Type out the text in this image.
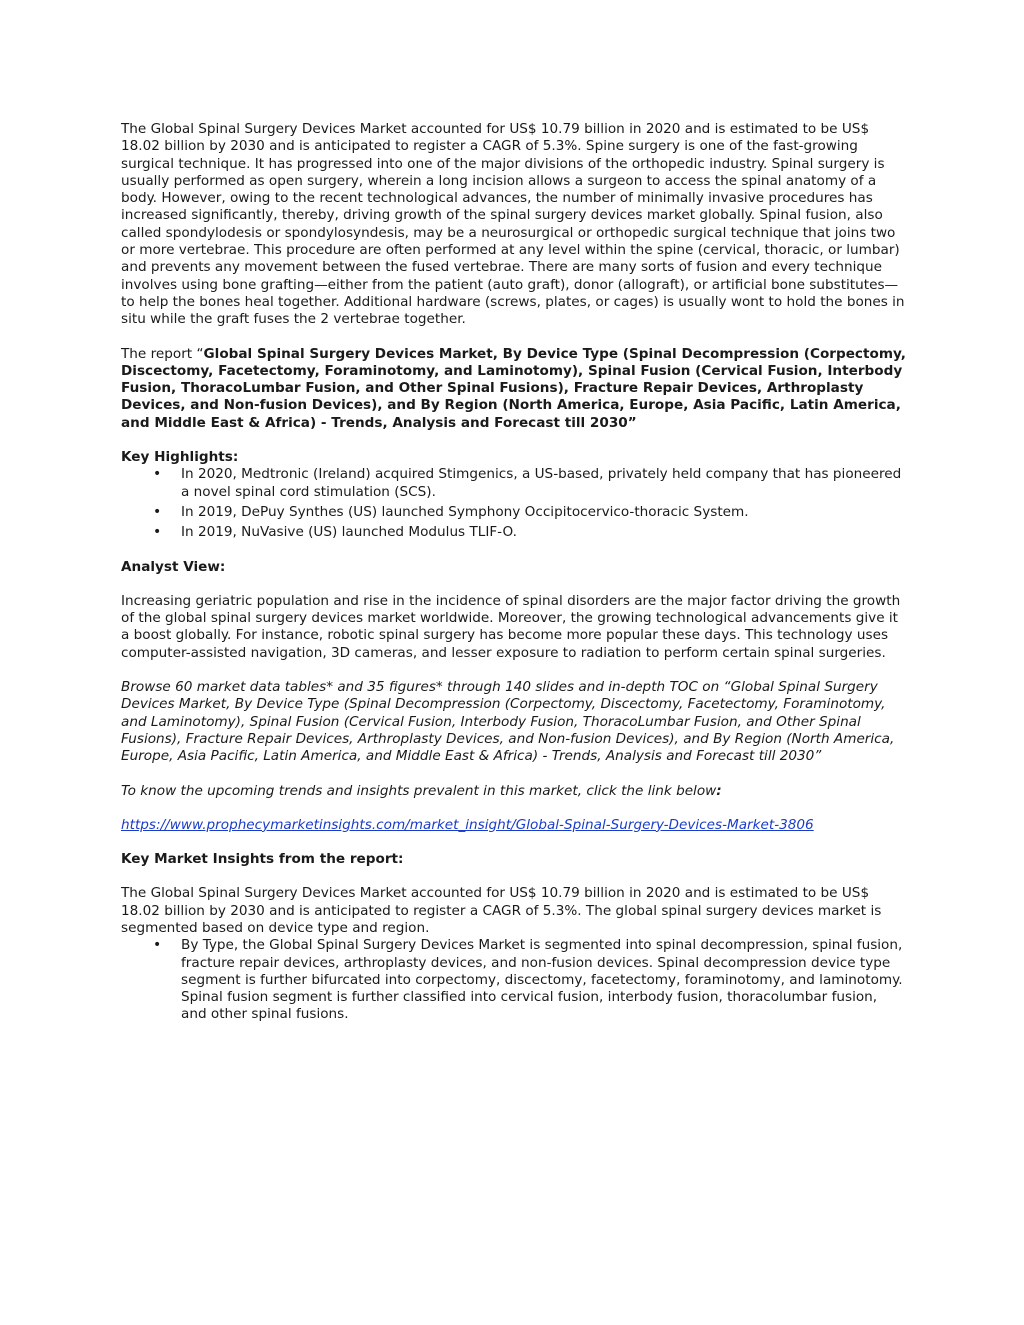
The Global Spinal Surgery Devices Market accounted for US$ 10.79 billion in 2020 and is estimated to be US$ 18.02 billion by 2030 and is anticipated to register a CAGR of 5.3%. Spine surgery is one of the fast-growing surgical technique. It has progressed into one of the major divisions of the orthopedic industry. Spinal surgery is usually performed as open surgery, wherein a long incision allows a surgeon to access the spinal anatomy of a body. However, owing to the recent technological advances, the number of minimally invasive procedures has increased significantly, thereby, driving growth of the spinal surgery devices market globally. Spinal fusion, also called spondylodesis or spondylosyndesis, may be a neurosurgical or orthopedic surgical technique that joins two or more vertebrae. This procedure are often performed at any level within the spine (cervical, thoracic, or lumbar) and prevents any movement between the fused vertebrae. There are many sorts of fusion and every technique involves using bone grafting—either from the patient (auto graft), donor (allograft), or artificial bone substitutes—to help the bones heal together. Additional hardware (screws, plates, or cages) is usually wont to hold the bones in situ while the graft fuses the 2 vertebrae together.

The report “Global Spinal Surgery Devices Market, By Device Type (Spinal Decompression (Corpectomy, Discectomy, Facetectomy, Foraminotomy, and Laminotomy), Spinal Fusion (Cervical Fusion, Interbody Fusion, ThoracoLumbar Fusion, and Other Spinal Fusions), Fracture Repair Devices, Arthroplasty Devices, and Non-fusion Devices), and By Region (North America, Europe, Asia Pacific, Latin America, and Middle East & Africa) - Trends, Analysis and Forecast till 2030”

Key Highlights:

• In 2020, Medtronic (Ireland) acquired Stimgenics, a US-based, privately held company that has pioneered a novel spinal cord stimulation (SCS).
• In 2019, DePuy Synthes (US) launched Symphony Occipitocervico-thoracic System.
• In 2019, NuVasive (US) launched Modulus TLIF-O.

Analyst View:

Increasing geriatric population and rise in the incidence of spinal disorders are the major factor driving the growth of the global spinal surgery devices market worldwide. Moreover, the growing technological advancements give it a boost globally. For instance, robotic spinal surgery has become more popular these days. This technology uses computer-assisted navigation, 3D cameras, and lesser exposure to radiation to perform certain spinal surgeries.

Browse 60 market data tables* and 35 figures* through 140 slides and in-depth TOC on “Global Spinal Surgery Devices Market, By Device Type (Spinal Decompression (Corpectomy, Discectomy, Facetectomy, Foraminotomy, and Laminotomy), Spinal Fusion (Cervical Fusion, Interbody Fusion, ThoracoLumbar Fusion, and Other Spinal Fusions), Fracture Repair Devices, Arthroplasty Devices, and Non-fusion Devices), and By Region (North America, Europe, Asia Pacific, Latin America, and Middle East & Africa) - Trends, Analysis and Forecast till 2030”

To know the upcoming trends and insights prevalent in this market, click the link below:

https://www.prophecymarketinsights.com/market_insight/Global-Spinal-Surgery-Devices-Market-3806

Key Market Insights from the report:

The Global Spinal Surgery Devices Market accounted for US$ 10.79 billion in 2020 and is estimated to be US$ 18.02 billion by 2030 and is anticipated to register a CAGR of 5.3%. The global spinal surgery devices market is segmented based on device type and region.

• By Type, the Global Spinal Surgery Devices Market is segmented into spinal decompression, spinal fusion, fracture repair devices, arthroplasty devices, and non-fusion devices. Spinal decompression device type segment is further bifurcated into corpectomy, discectomy, facetectomy, foraminotomy, and laminotomy. Spinal fusion segment is further classified into cervical fusion, interbody fusion, thoracolumbar fusion, and other spinal fusions.
